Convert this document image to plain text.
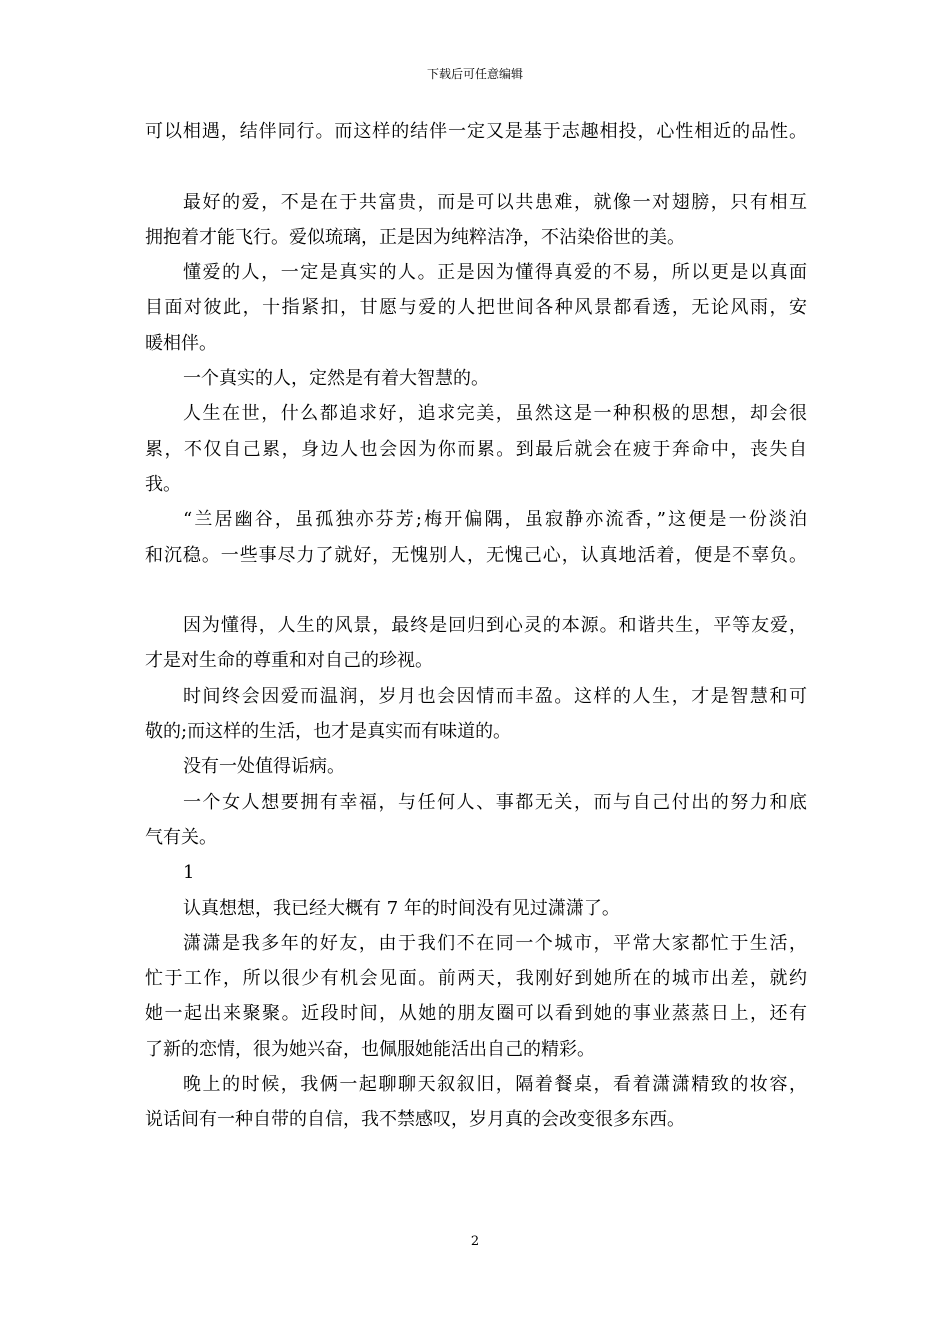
下载后可任意编辑
可以相遇，结伴同行。而这样的结伴一定又是基于志趣相投，心性相近的品性。
最好的爱，不是在于共富贵，而是可以共患难，就像一对翅膀，只有相互
拥抱着才能飞行。爱似琉璃，正是因为纯粹洁净，不沾染俗世的美。
懂爱的人，一定是真实的人。正是因为懂得真爱的不易，所以更是以真面
目面对彼此，十指紧扣，甘愿与爱的人把世间各种风景都看透，无论风雨，安
暖相伴。
一个真实的人，定然是有着大智慧的。
人生在世，什么都追求好，追求完美，虽然这是一种积极的思想，却会很
累，不仅自己累，身边人也会因为你而累。到最后就会在疲于奔命中，丧失自
我。
“兰居幽谷，虽孤独亦芬芳;梅开偏隅，虽寂静亦流香，”这便是一份淡泊
和沉稳。一些事尽力了就好，无愧别人，无愧己心，认真地活着，便是不辜负。
因为懂得，人生的风景，最终是回归到心灵的本源。和谐共生，平等友爱，
才是对生命的尊重和对自己的珍视。
时间终会因爱而温润，岁月也会因情而丰盈。这样的人生，才是智慧和可
敬的;而这样的生活，也才是真实而有味道的。
没有一处值得诟病。
一个女人想要拥有幸福，与任何人、事都无关，而与自己付出的努力和底
气有关。
1
认真想想，我已经大概有 7 年的时间没有见过潇潇了。
潇潇是我多年的好友，由于我们不在同一个城市，平常大家都忙于生活，
忙于工作，所以很少有机会见面。前两天，我刚好到她所在的城市出差，就约
她一起出来聚聚。近段时间，从她的朋友圈可以看到她的事业蒸蒸日上，还有
了新的恋情，很为她兴奋，也佩服她能活出自己的精彩。
晚上的时候，我俩一起聊聊天叙叙旧，隔着餐桌，看着潇潇精致的妆容，
说话间有一种自带的自信，我不禁感叹，岁月真的会改变很多东西。
2
